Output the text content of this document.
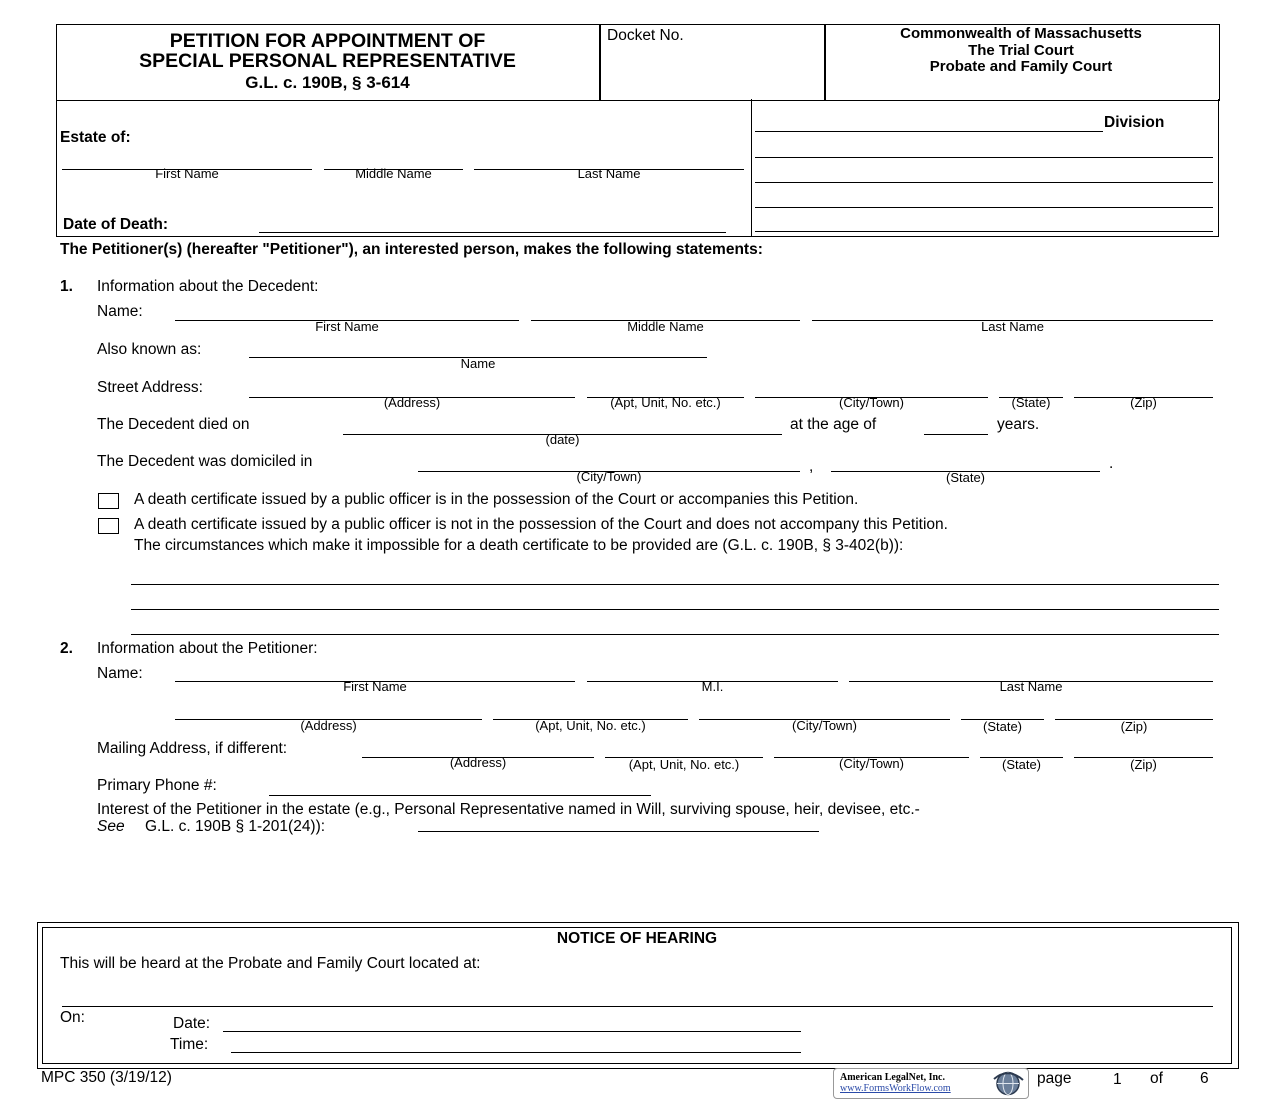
PETITION FOR APPOINTMENT OF
SPECIAL PERSONAL REPRESENTATIVE
G.L. c. 190B, § 3-614
Docket No.	Commonwealth of Massachusetts
The Trial Court
Probate and Family Court
Estate of:
First Name	Middle Name	Last Name
Date of Death:
Division
The Petitioner(s) (hereafter "Petitioner"), an interested person, makes the following statements:
1. Information about the Decedent:
Name:
First Name	Middle Name	Last Name
Also known as:
Name
Street Address:
(Address)	(Apt, Unit, No. etc.)	(City/Town)	(State)	(Zip)
The Decedent died on
(date)
at the age of	years.
The Decedent was domiciled in	,	.
(City/Town)	(State)
A death certificate issued by a public officer is in the possession of the Court or accompanies this Petition.
A death certificate issued by a public officer is not in the possession of the Court and does not accompany this Petition.
The circumstances which make it impossible for a death certificate to be provided are (G.L. c. 190B, § 3-402(b)):
2. Information about the Petitioner:
Name:
First Name	M.I.	Last Name
(Address)	(Apt, Unit, No. etc.)	(City/Town)	(State)	(Zip)
Mailing Address, if different:
(Address)	(Apt, Unit, No. etc.)	(City/Town)	(State)	(Zip)
Primary Phone #:
Interest of the Petitioner in the estate (e.g., Personal Representative named in Will, surviving spouse, heir, devisee, etc.-
See G.L. c. 190B § 1-201(24)):
NOTICE OF HEARING
This will be heard at the Probate and Family Court located at:
On:	Date:
Time:
MPC 350 (3/19/12)	American LegalNet, Inc.
www.FormsWorkFlow.com
page	1 of 6
